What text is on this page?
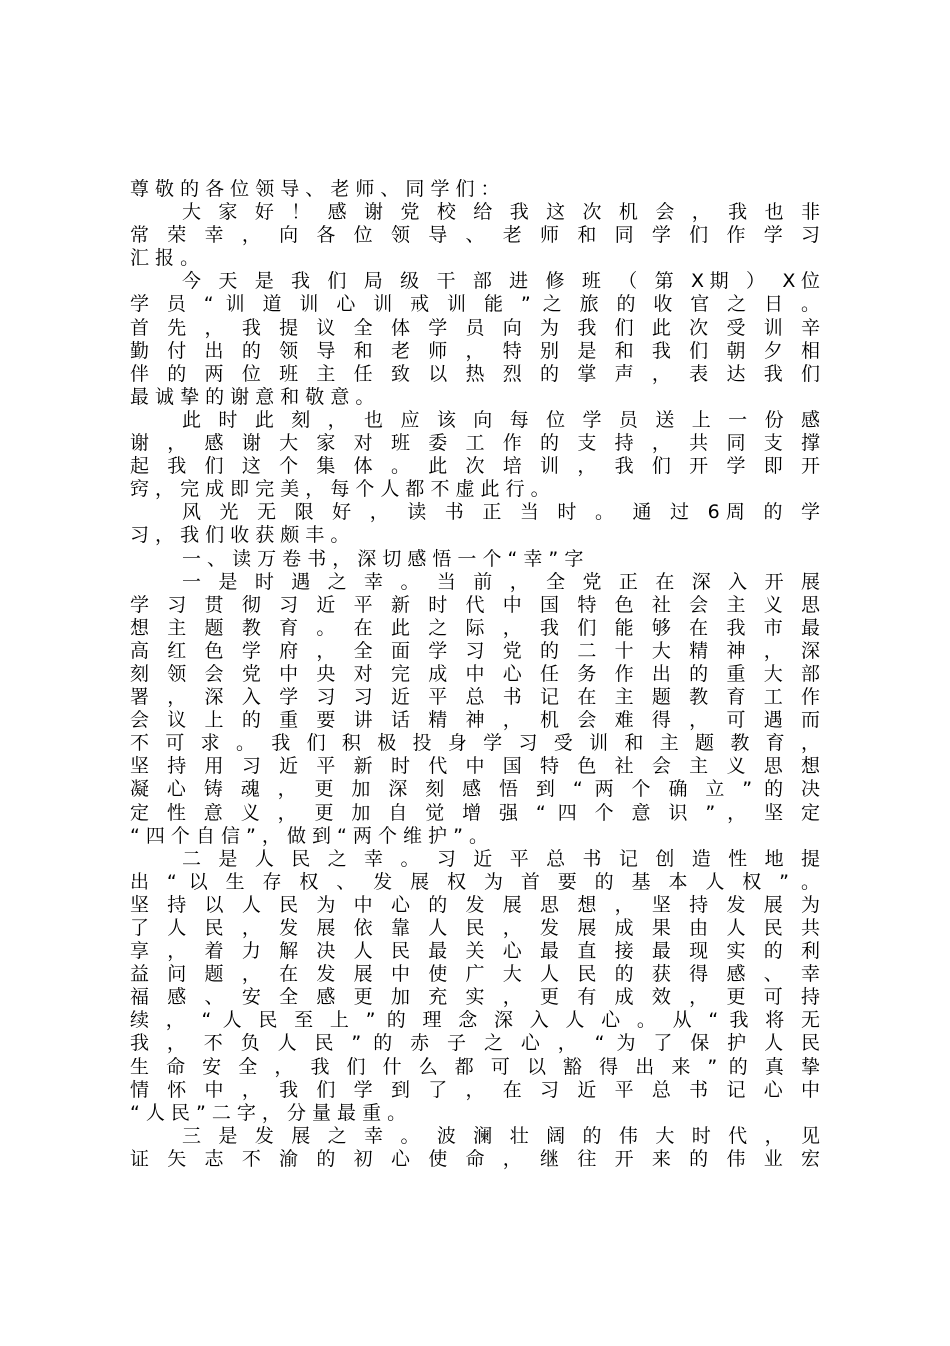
尊 敬 的 各 位 领 导 、 老 师 、 同 学 们 ：
大 家 好 ！ 感 谢 党 校 给 我 这 次 机 会 ， 我 也 非
常 荣 幸 ， 向 各 位 领 导 、 老 师 和 同 学 们 作 学 习
汇 报 。
今 天 是 我 们 局 级 干 部 进 修 班 （ 第 X期 ） X位
学 员 “ 训 道 训 心 训 戒 训 能 ” 之 旅 的 收 官 之 日 。
首 先 ， 我 提 议 全 体 学 员 向 为 我 们 此 次 受 训 辛
勤 付 出 的 领 导 和 老 师 ， 特 别 是 和 我 们 朝 夕 相
伴 的 两 位 班 主 任 致 以 热 烈 的 掌 声 ， 表 达 我 们
最 诚 挚 的 谢 意 和 敬 意 。
此 时 此 刻 ， 也 应 该 向 每 位 学 员 送 上 一 份 感
谢 ， 感 谢 大 家 对 班 委 工 作 的 支 持 ， 共 同 支 撑
起 我 们 这 个 集 体 。 此 次 培 训 ， 我 们 开 学 即 开
窍 ， 完 成 即 完 美 ， 每 个 人 都 不 虚 此 行 。
风 光 无 限 好 ， 读 书 正 当 时 。 通 过 6周 的 学
习 ， 我 们 收 获 颇 丰 。
一 、 读 万 卷 书 ， 深 切 感 悟 一 个 “ 幸 ” 字
一 是 时 遇 之 幸 。 当 前 ， 全 党 正 在 深 入 开 展
学 习 贯 彻 习 近 平 新 时 代 中 国 特 色 社 会 主 义 思
想 主 题 教 育 。 在 此 之 际 ， 我 们 能 够 在 我 市 最
高 红 色 学 府 ， 全 面 学 习 党 的 二 十 大 精 神 ， 深
刻 领 会 党 中 央 对 完 成 中 心 任 务 作 出 的 重 大 部
署 ， 深 入 学 习 习 近 平 总 书 记 在 主 题 教 育 工 作
会 议 上 的 重 要 讲 话 精 神 ， 机 会 难 得 ， 可 遇 而
不 可 求 。 我 们 积 极 投 身 学 习 受 训 和 主 题 教 育 ，
坚 持 用 习 近 平 新 时 代 中 国 特 色 社 会 主 义 思 想
凝 心 铸 魂 ， 更 加 深 刻 感 悟 到 “ 两 个 确 立 ” 的 决
定 性 意 义 ， 更 加 自 觉 增 强 “ 四 个 意 识 ” ， 坚 定
“ 四 个 自 信 ” ， 做 到 “ 两 个 维 护 ” 。
二 是 人 民 之 幸 。 习 近 平 总 书 记 创 造 性 地 提
出 “ 以 生 存 权 、 发 展 权 为 首 要 的 基 本 人 权 ” 。
坚 持 以 人 民 为 中 心 的 发 展 思 想 ， 坚 持 发 展 为
了 人 民 ， 发 展 依 靠 人 民 ， 发 展 成 果 由 人 民 共
享 ， 着 力 解 决 人 民 最 关 心 最 直 接 最 现 实 的 利
益 问 题 ， 在 发 展 中 使 广 大 人 民 的 获 得 感 、 幸
福 感 、 安 全 感 更 加 充 实 ， 更 有 成 效 ， 更 可 持
续 ， “ 人 民 至 上 ” 的 理 念 深 入 人 心 。 从 “ 我 将 无
我 ， 不 负 人 民 ” 的 赤 子 之 心 ， “ 为 了 保 护 人 民
生 命 安 全 ， 我 们 什 么 都 可 以 豁 得 出 来 ” 的 真 挚
情 怀 中 ， 我 们 学 到 了 ， 在 习 近 平 总 书 记 心 中
“ 人 民 ” 二 字 ， 分 量 最 重 。
三 是 发 展 之 幸 。 波 澜 壮 阔 的 伟 大 时 代 ， 见
证 矢 志 不 渝 的 初 心 使 命 ， 继 往 开 来 的 伟 业 宏
